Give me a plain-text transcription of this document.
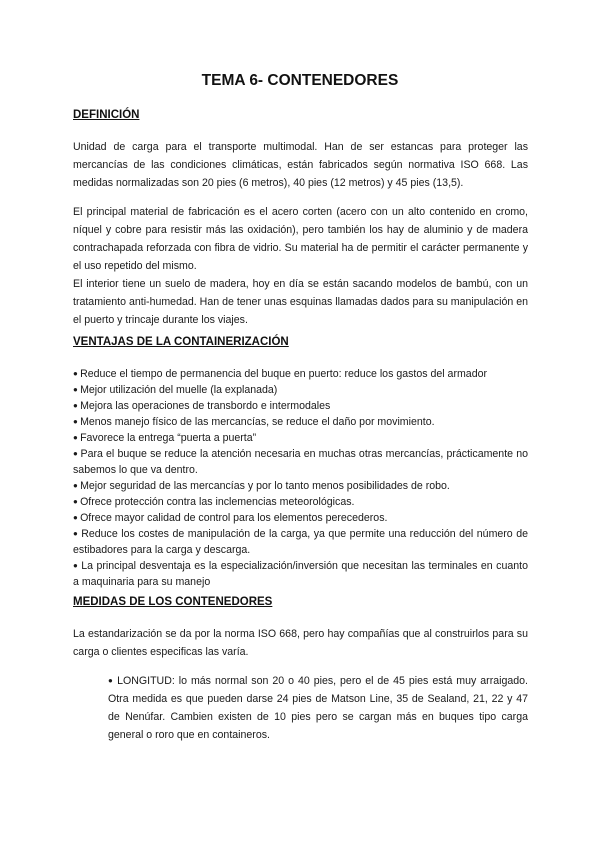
TEMA 6- CONTENEDORES
DEFINICIÓN
Unidad de carga para el transporte multimodal. Han de ser estancas para proteger las mercancías de las condiciones climáticas, están fabricados según normativa ISO 668. Las medidas normalizadas son 20 pies (6 metros), 40 pies (12 metros) y 45 pies (13,5).
El principal material de fabricación es el acero corten (acero con un alto contenido en cromo, níquel y cobre para resistir más las oxidación), pero también los hay de aluminio y de madera contrachapada reforzada con fibra de vidrio. Su material ha de permitir el carácter permanente y el uso repetido del mismo.
El interior tiene un suelo de madera, hoy en día se están sacando modelos de bambú, con un tratamiento anti-humedad. Han de tener unas esquinas llamadas dados para su manipulación en el puerto y trincaje durante los viajes.
VENTAJAS DE LA CONTAINERIZACIÓN
● Reduce el tiempo de permanencia del buque en puerto: reduce los gastos del armador
● Mejor utilización del muelle (la explanada)
● Mejora las operaciones de transbordo e intermodales
● Menos manejo físico de las mercancías, se reduce el daño por movimiento.
● Favorece la entrega “puerta a puerta”
● Para el buque se reduce la atención necesaria en muchas otras mercancías, prácticamente no sabemos lo que va dentro.
● Mejor seguridad de las mercancías y por lo tanto menos posibilidades de robo.
● Ofrece protección contra las inclemencias meteorológicas.
● Ofrece mayor calidad de control para los elementos perecederos.
● Reduce los costes de manipulación de la carga, ya que permite una reducción del número de estibadores para la carga y descarga.
● La principal desventaja es la especialización/inversión que necesitan las terminales en cuanto a maquinaria para su manejo
MEDIDAS DE LOS CONTENEDORES
La estandarización se da por la norma ISO 668, pero hay compañías que al construirlos para su carga o clientes especificas las varía.
● LONGITUD: lo más normal son 20 o 40 pies, pero el de 45 pies está muy arraigado. Otra medida es que pueden darse 24 pies de Matson Line, 35 de Sealand, 21, 22 y 47 de Nenúfar. Cambien existen de 10 pies pero se cargan más en buques tipo carga general o roro que en containeros.
